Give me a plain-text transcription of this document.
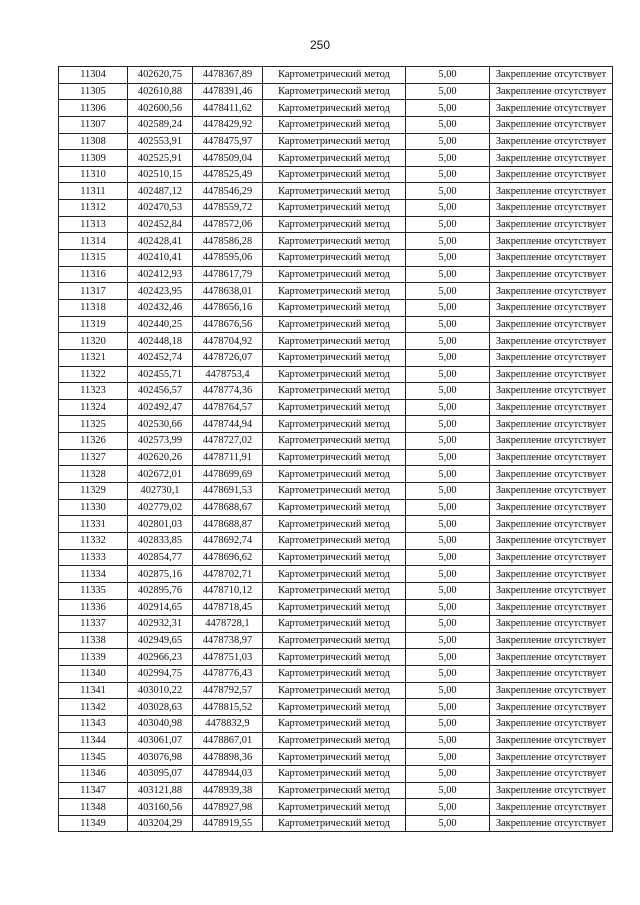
250
11304	402620,75	4478367,89	Картометрический метод	5,00	Закрепление отсутствует
11305	402610,88	4478391,46	Картометрический метод	5,00	Закрепление отсутствует
11306	402600,56	4478411,62	Картометрический метод	5,00	Закрепление отсутствует
11307	402589,24	4478429,92	Картометрический метод	5,00	Закрепление отсутствует
11308	402553,91	4478475,97	Картометрический метод	5,00	Закрепление отсутствует
11309	402525,91	4478509,04	Картометрический метод	5,00	Закрепление отсутствует
11310	402510,15	4478525,49	Картометрический метод	5,00	Закрепление отсутствует
11311	402487,12	4478546,29	Картометрический метод	5,00	Закрепление отсутствует
11312	402470,53	4478559,72	Картометрический метод	5,00	Закрепление отсутствует
11313	402452,84	4478572,06	Картометрический метод	5,00	Закрепление отсутствует
11314	402428,41	4478586,28	Картометрический метод	5,00	Закрепление отсутствует
11315	402410,41	4478595,06	Картометрический метод	5,00	Закрепление отсутствует
11316	402412,93	4478617,79	Картометрический метод	5,00	Закрепление отсутствует
11317	402423,95	4478638,01	Картометрический метод	5,00	Закрепление отсутствует
11318	402432,46	4478656,16	Картометрический метод	5,00	Закрепление отсутствует
11319	402440,25	4478676,56	Картометрический метод	5,00	Закрепление отсутствует
11320	402448,18	4478704,92	Картометрический метод	5,00	Закрепление отсутствует
11321	402452,74	4478726,07	Картометрический метод	5,00	Закрепление отсутствует
11322	402455,71	4478753,4	Картометрический метод	5,00	Закрепление отсутствует
11323	402456,57	4478774,36	Картометрический метод	5,00	Закрепление отсутствует
11324	402492,47	4478764,57	Картометрический метод	5,00	Закрепление отсутствует
11325	402530,66	4478744,94	Картометрический метод	5,00	Закрепление отсутствует
11326	402573,99	4478727,02	Картометрический метод	5,00	Закрепление отсутствует
11327	402620,26	4478711,91	Картометрический метод	5,00	Закрепление отсутствует
11328	402672,01	4478699,69	Картометрический метод	5,00	Закрепление отсутствует
11329	402730,1	4478691,53	Картометрический метод	5,00	Закрепление отсутствует
11330	402779,02	4478688,67	Картометрический метод	5,00	Закрепление отсутствует
11331	402801,03	4478688,87	Картометрический метод	5,00	Закрепление отсутствует
11332	402833,85	4478692,74	Картометрический метод	5,00	Закрепление отсутствует
11333	402854,77	4478696,62	Картометрический метод	5,00	Закрепление отсутствует
11334	402875,16	4478702,71	Картометрический метод	5,00	Закрепление отсутствует
11335	402895,76	4478710,12	Картометрический метод	5,00	Закрепление отсутствует
11336	402914,65	4478718,45	Картометрический метод	5,00	Закрепление отсутствует
11337	402932,31	4478728,1	Картометрический метод	5,00	Закрепление отсутствует
11338	402949,65	4478738,97	Картометрический метод	5,00	Закрепление отсутствует
11339	402966,23	4478751,03	Картометрический метод	5,00	Закрепление отсутствует
11340	402994,75	4478776,43	Картометрический метод	5,00	Закрепление отсутствует
11341	403010,22	4478792,57	Картометрический метод	5,00	Закрепление отсутствует
11342	403028,63	4478815,52	Картометрический метод	5,00	Закрепление отсутствует
11343	403040,98	4478832,9	Картометрический метод	5,00	Закрепление отсутствует
11344	403061,07	4478867,01	Картометрический метод	5,00	Закрепление отсутствует
11345	403076,98	4478898,36	Картометрический метод	5,00	Закрепление отсутствует
11346	403095,07	4478944,03	Картометрический метод	5,00	Закрепление отсутствует
11347	403121,88	4478939,38	Картометрический метод	5,00	Закрепление отсутствует
11348	403160,56	4478927,98	Картометрический метод	5,00	Закрепление отсутствует
11349	403204,29	4478919,55	Картометрический метод	5,00	Закрепление отсутствует
